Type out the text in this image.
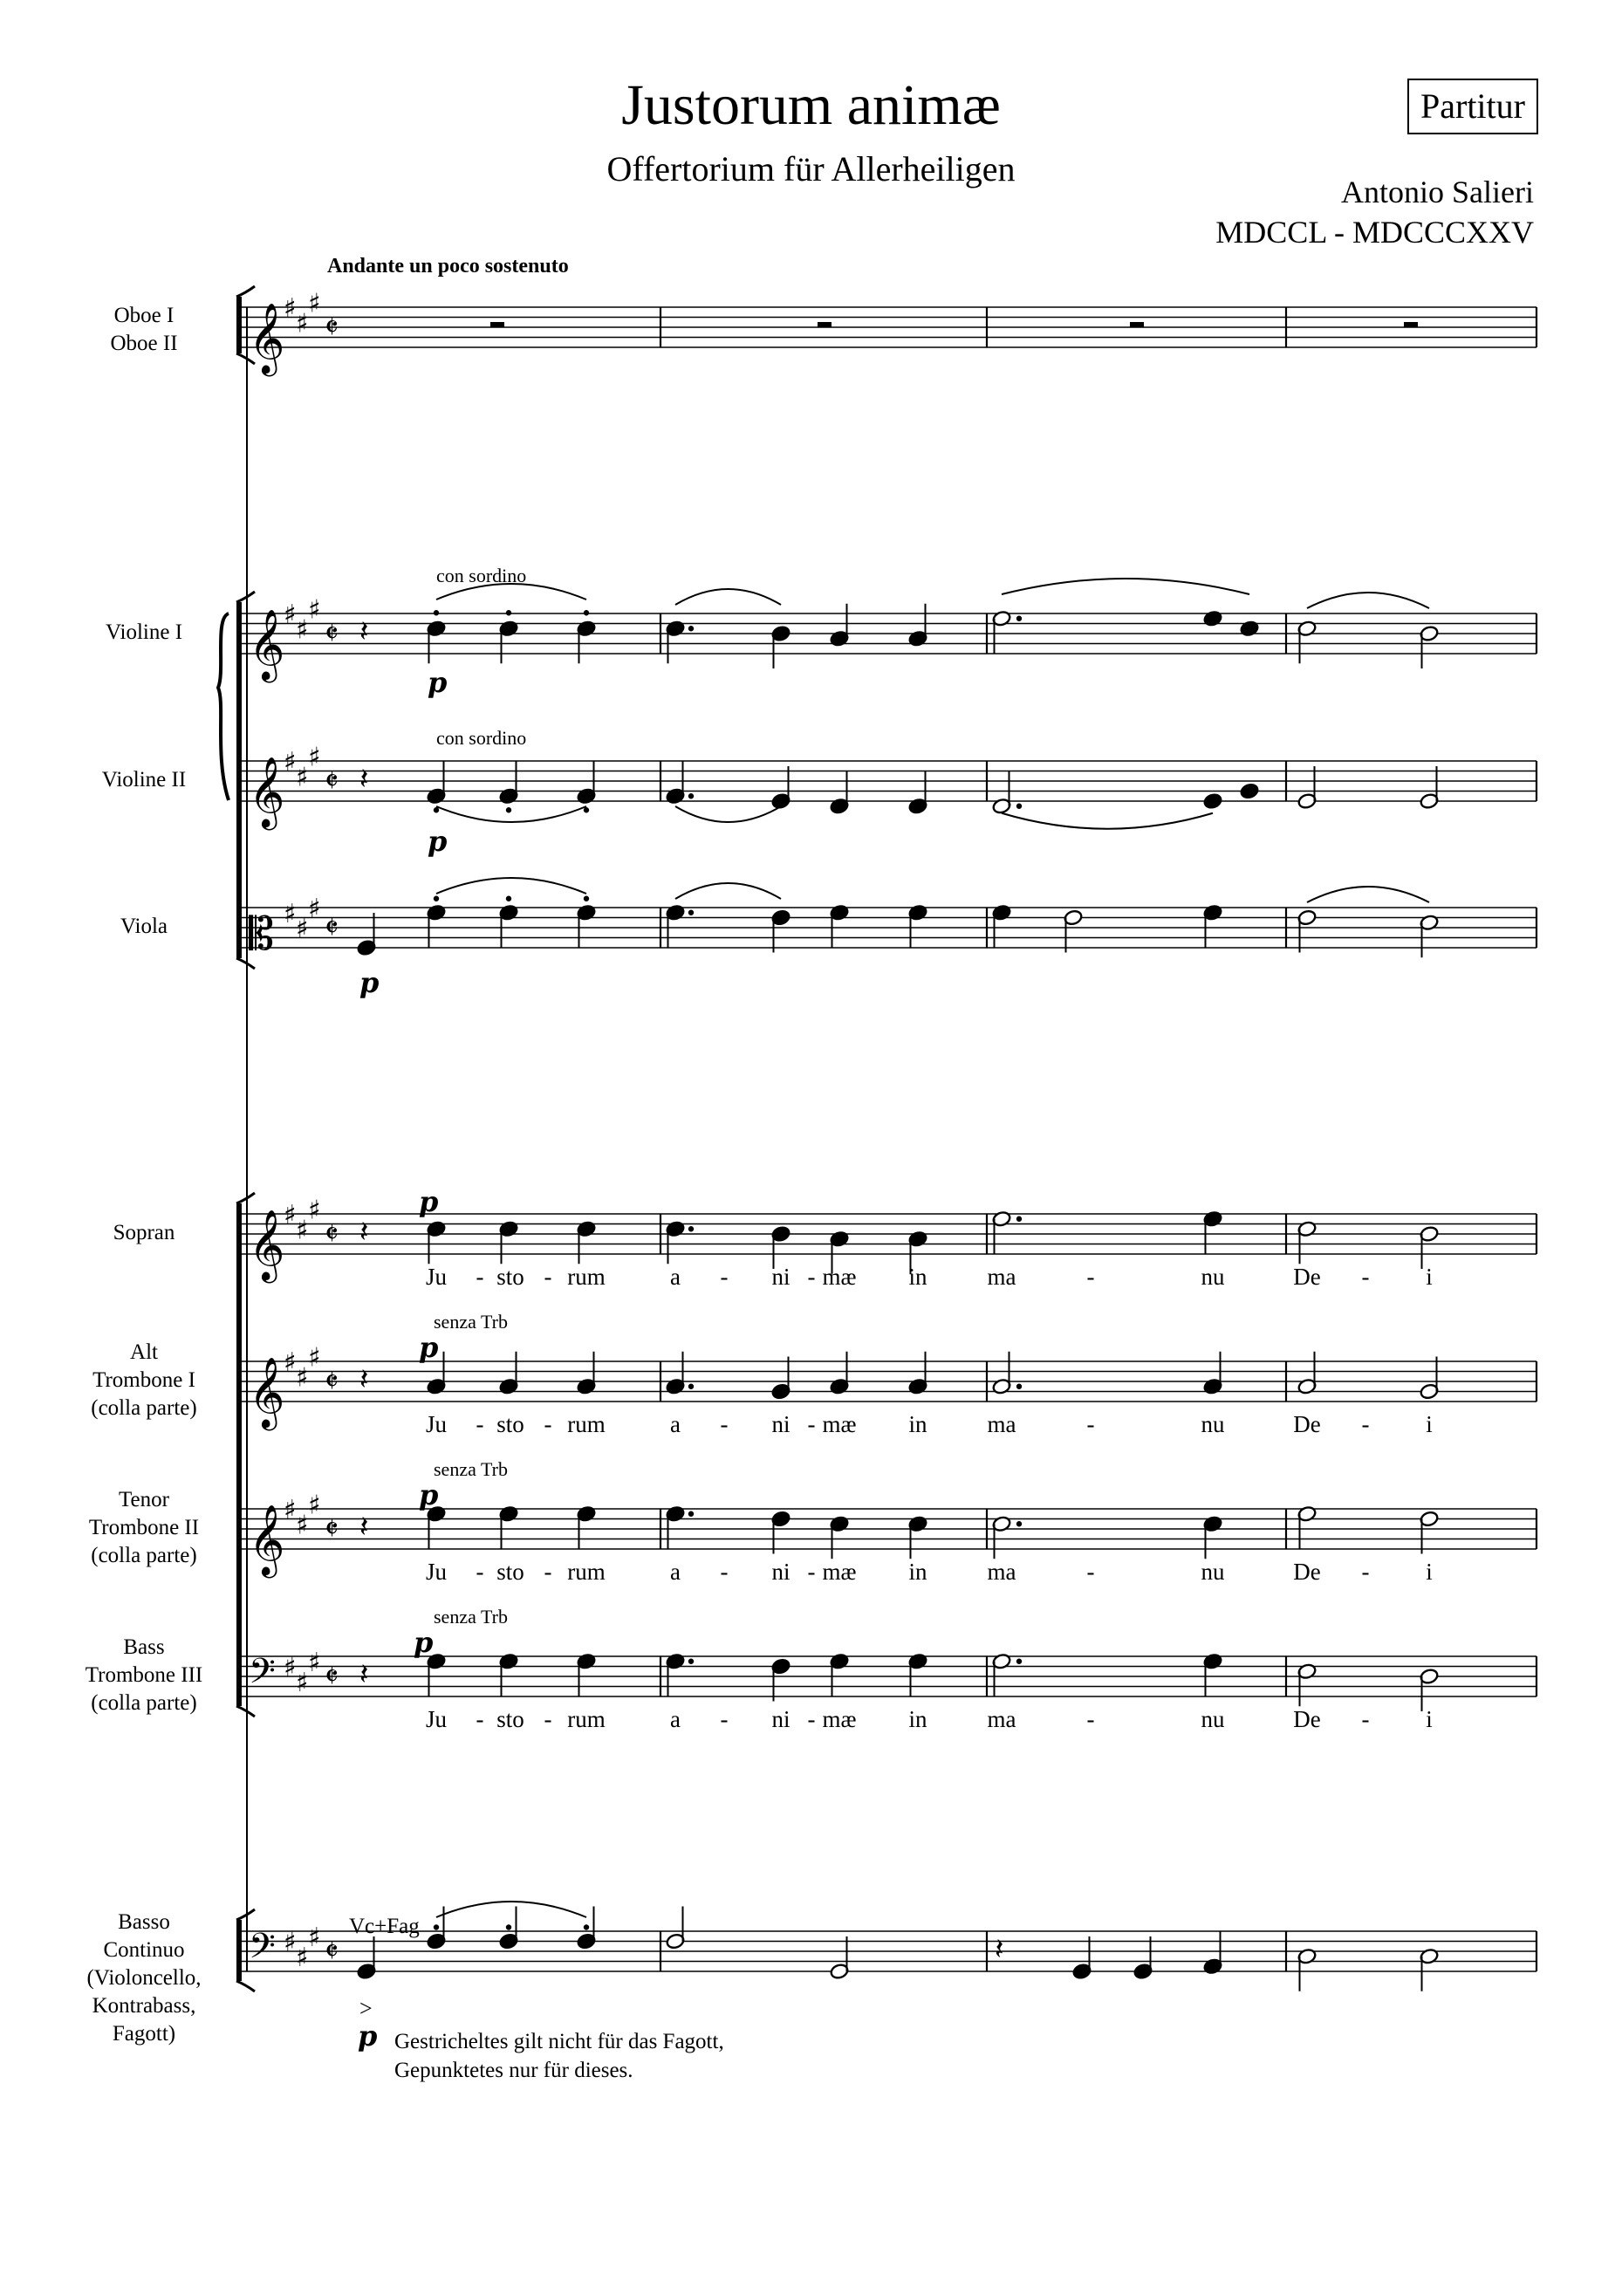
Justorum animæ
Offertorium für Allerheiligen
Partitur
Antonio Salieri
MDCCL - MDCCCXXV
Andante un poco sostenuto
Oboe I
Oboe II
Violine I
Violine II
Viola
Sopran
Alt
Trombone I
(colla parte)
Tenor
Trombone II
(colla parte)
Bass
Trombone III
(colla parte)
Basso
Continuo
(Violoncello,
Kontrabass,
Fagott)	Gestricheltes gilt nicht für das Fagott,
Gepunktetes nur für dieses.
𝄞
♯ ♯
♯
𝄵
𝄞
♯ ♯
♯
𝄵
𝄞
♯ ♯
♯
𝄵
𝄡 ♯ ♯
♯
𝄵
𝄞
♯ ♯
♯
𝄵
𝄞
♯ ♯
♯
𝄵
𝄞
♯ ♯
♯
𝄵
𝄢 ♯ ♯
♯ 𝄵
𝄢 ♯ ♯
♯ 𝄵
𝄽
𝄽
𝄽
𝄽
𝄽
𝄽
𝄽
con sordino
con sordino
senza Trb
senza Trb
senza Trb
Vc+Fag
p
p
p
p
p
p
p
>
p
Ju - sto - rum	a - ni - mæ in	ma	-	nu	De - i
Ju - sto - rum	a - ni - mæ in	ma	-	nu	De - i
Ju - sto - rum	a - ni - mæ in	ma	-	nu	De - i
Ju - sto - rum	a - ni - mæ in	ma	-	nu	De - i
